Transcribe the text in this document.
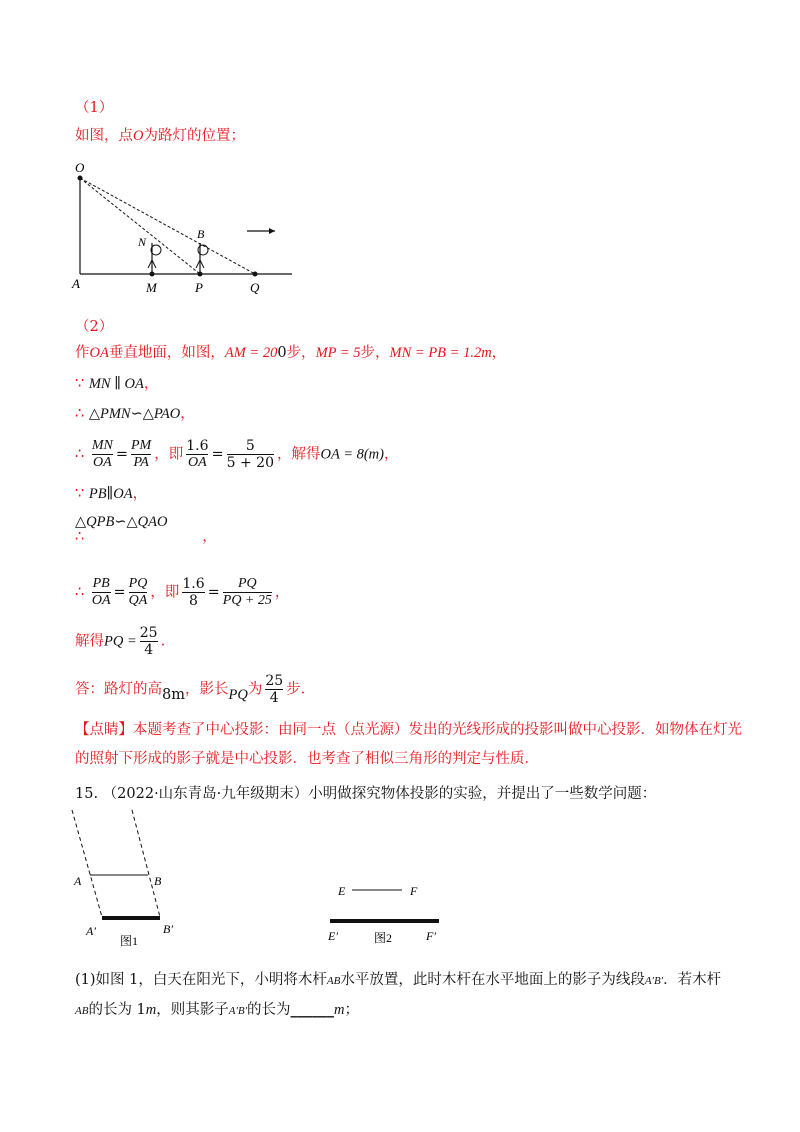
（1）
如图，点O为路灯的位置；
O
A
N
M
B
P	Q
（2）
作OA垂直地面，如图，AM = 200步，MP = 5步，MN = PB = 1.2m，
∵ MN ∥ OA，
∴ △PMN∽△PAO，
∴ $\frac{MN}{OA} = \frac{PM}{PA}$ ，即 $\frac{1.6}{OA} = \frac{5}{5 + 20}$ ，解得OA = 8(m)，
∵ PB∥OA，
△QPB∽△QAO
∴	，
∴ $\frac{PB}{OA} = \frac{PQ}{QA}$ ，即 $\frac{1.6}{8} = \frac{PQ}{PQ + 25}$ ，
解得PQ = $\frac{25}{4}$ .
答：路灯的高8m，影长PQ为 $\frac{25}{4}$ 步.
【点睛】本题考查了中心投影：由同一点（点光源）发出的光线形成的投影叫做中心投影．如物体在灯光
的照射下形成的影子就是中心投影．也考查了相似三角形的判定与性质．
15. （2022·山东青岛·九年级期末）小明做探究物体投影的实验，并提出了一些数学问题：
A	B
A′	B′
图1
E	F
E′	F′
图2
(1)如图 1，白天在阳光下，小明将木杆AB水平放置，此时木杆在水平地面上的影子为线段A′B′．若木杆
AB的长为 1m，则其影子A′B′的长为______m；
